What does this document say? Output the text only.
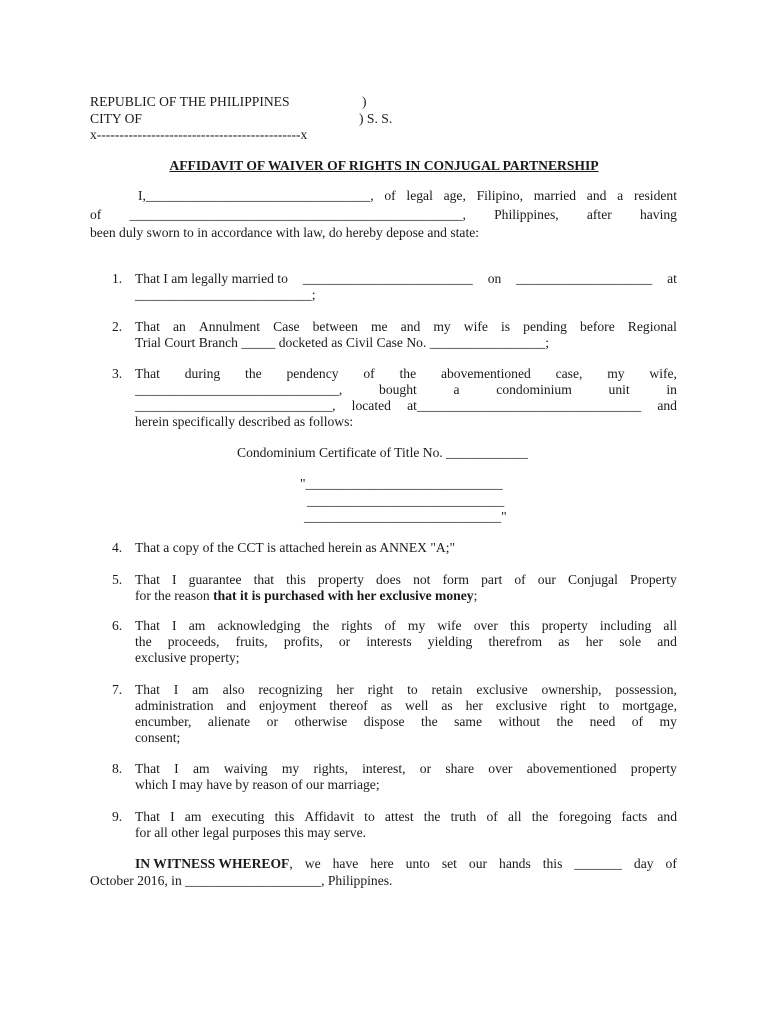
REPUBLIC OF THE PHILIPPINES	)
CITY OF	) S. S.
x---------------------------------------------x
AFFIDAVIT OF WAIVER OF RIGHTS IN CONJUGAL PARTNERSHIP
I,_________________________________, of legal age, Filipino, married and a resident
of _________________________________________________, Philippines, after having
been duly sworn to in accordance with law, do hereby depose and state:
1. That I am legally married to _________________________ on ____________________ at
__________________________;
2. That an Annulment Case between me and my wife is pending before Regional
Trial Court Branch _____ docketed as Civil Case No. _________________;
3. That during the pendency of the abovementioned case, my wife,
______________________________,	bought	a	condominium	unit	in
_____________________________, located at_________________________________ and
herein specifically described as follows:
Condominium Certificate of Title No. ____________
"_____________________________
_____________________________
_____________________________"
4. That a copy of the CCT is attached herein as ANNEX "A;"
5. That I guarantee that this property does not form part of our Conjugal Property
for the reason that it is purchased with her exclusive money;
6. That I am acknowledging the rights of my wife over this property including all
the proceeds, fruits, profits, or interests yielding therefrom as her sole and
exclusive property;
7. That I am also recognizing her right to retain exclusive ownership, possession,
administration and enjoyment thereof as well as her exclusive right to mortgage,
encumber, alienate or otherwise dispose the same without the need of my
consent;
8. That I am waiving my rights, interest, or share over abovementioned property
which I may have by reason of our marriage;
9. That I am executing this Affidavit to attest the truth of all the foregoing facts and
for all other legal purposes this may serve.
IN WITNESS WHEREOF, we have here unto set our hands this _______ day of
October 2016, in ____________________, Philippines.
